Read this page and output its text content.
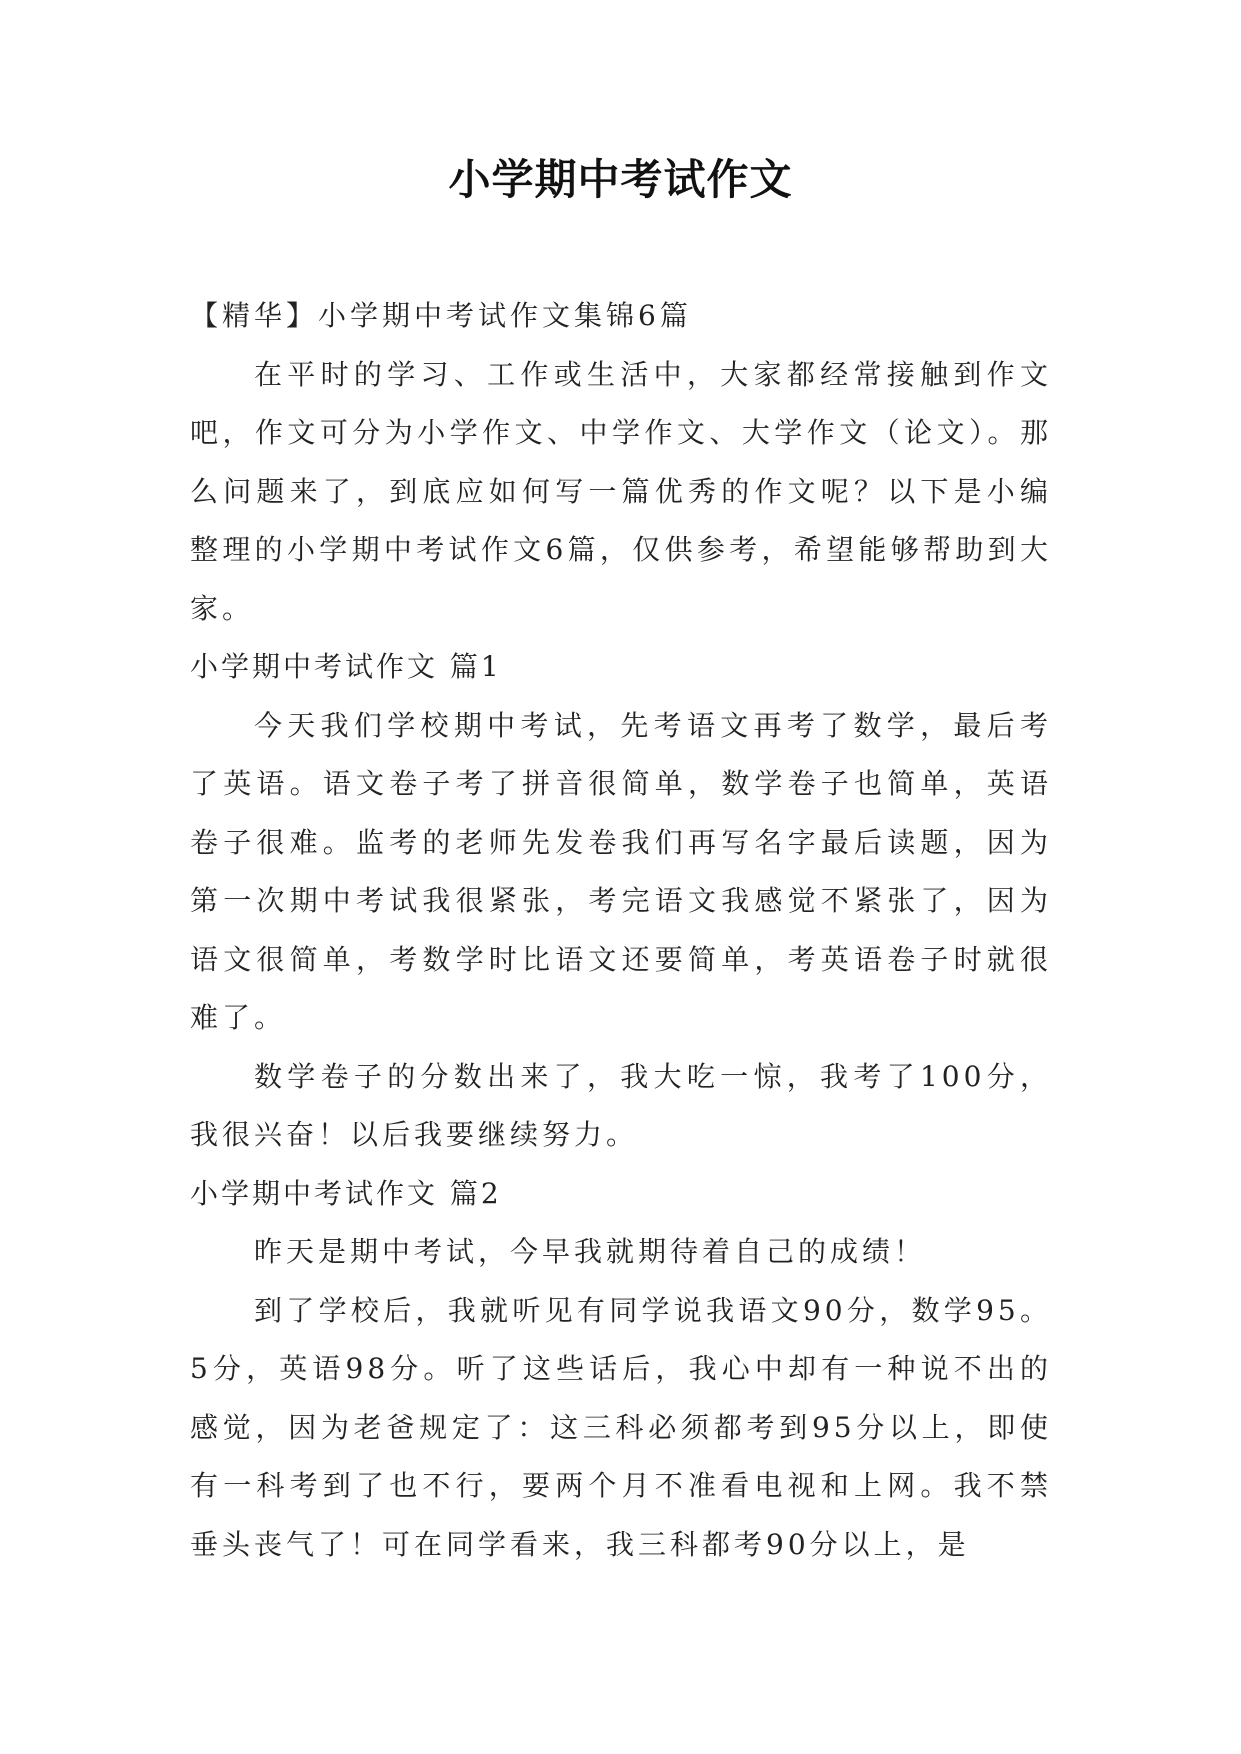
小学期中考试作文

【精华】小学期中考试作文集锦6篇

在平时的学习、工作或生活中，大家都经常接触到作文吧，作文可分为小学作文、中学作文、大学作文（论文）。那么问题来了，到底应如何写一篇优秀的作文呢？以下是小编整理的小学期中考试作文6篇，仅供参考，希望能够帮助到大家。

小学期中考试作文 篇1

今天我们学校期中考试，先考语文再考了数学，最后考了英语。语文卷子考了拼音很简单，数学卷子也简单，英语卷子很难。监考的老师先发卷我们再写名字最后读题，因为第一次期中考试我很紧张，考完语文我感觉不紧张了，因为语文很简单，考数学时比语文还要简单，考英语卷子时就很难了。

数学卷子的分数出来了，我大吃一惊，我考了100分，我很兴奋！以后我要继续努力。

小学期中考试作文 篇2

昨天是期中考试，今早我就期待着自己的成绩！

到了学校后，我就听见有同学说我语文90分，数学95。5分，英语98分。听了这些话后，我心中却有一种说不出的感觉，因为老爸规定了：这三科必须都考到95分以上，即使有一科考到了也不行，要两个月不准看电视和上网。我不禁垂头丧气了！可在同学看来，我三科都考90分以上，是
